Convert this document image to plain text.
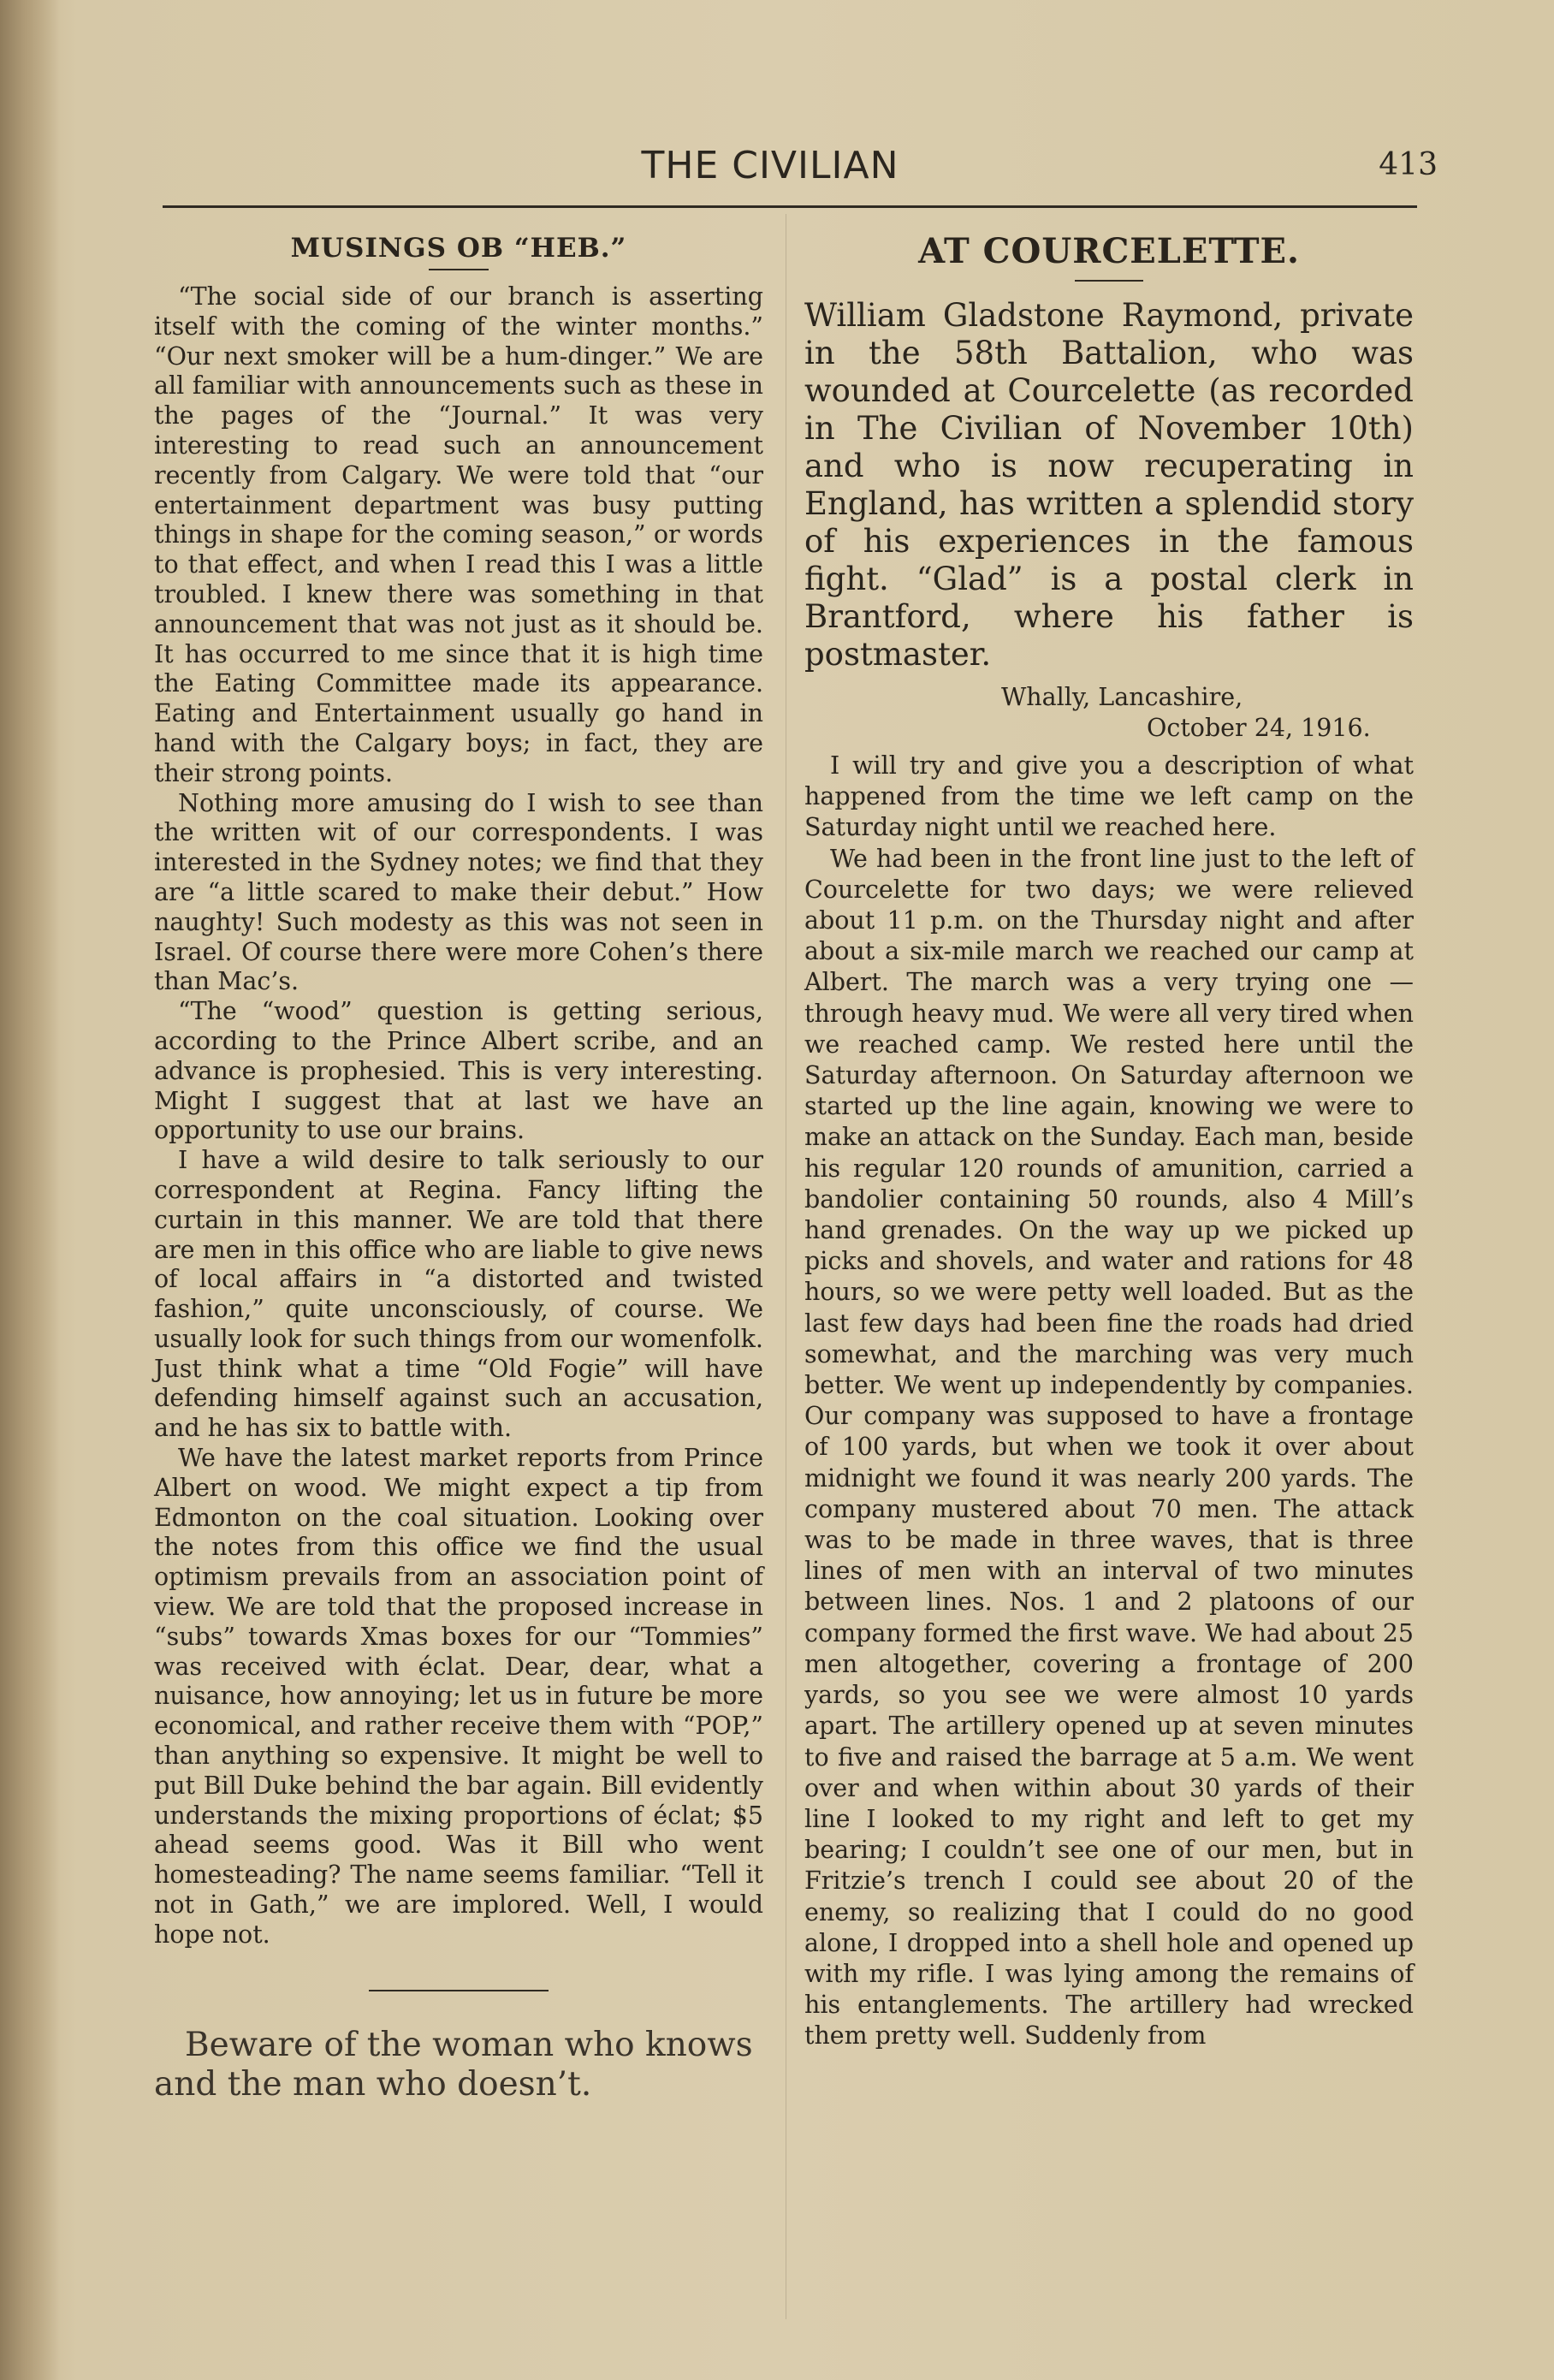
THE CIVILIAN	413
MUSINGS OB “HEB.”

“The social side of our branch is asserting itself with the coming of the winter months.” “Our next smoker will be a hum-dinger.” We are all familiar with announcements such as these in the pages of the “Journal.” It was very interesting to read such an announcement recently from Calgary. We were told that “our entertainment department was busy putting things in shape for the coming season,” or words to that effect, and when I read this I was a little troubled. I knew there was something in that announcement that was not just as it should be. It has occurred to me since that it is high time the Eating Committee made its appearance. Eating and Entertainment usually go hand in hand with the Calgary boys; in fact, they are their strong points.

Nothing more amusing do I wish to see than the written wit of our correspondents. I was interested in the Sydney notes; we find that they are “a little scared to make their debut.” How naughty! Such modesty as this was not seen in Israel. Of course there were more Cohen’s there than Mac’s.

“The “wood” question is getting serious, according to the Prince Albert scribe, and an advance is prophesied. This is very interesting. Might I suggest that at last we have an opportunity to use our brains.

I have a wild desire to talk seriously to our correspondent at Regina. Fancy lifting the curtain in this manner. We are told that there are men in this office who are liable to give news of local affairs in “a distorted and twisted fashion,” quite unconsciously, of course. We usually look for such things from our womenfolk. Just think what a time “Old Fogie” will have defending himself against such an accusation, and he has six to battle with.

We have the latest market reports from Prince Albert on wood. We might expect a tip from Edmonton on the coal situation. Looking over the notes from this office we find the usual optimism prevails from an association point of view. We are told that the proposed increase in “subs” towards Xmas boxes for our “Tommies” was received with éclat. Dear, dear, what a nuisance, how annoying; let us in future be more economical, and rather receive them with “POP,” than anything so expensive. It might be well to put Bill Duke behind the bar again. Bill evidently understands the mixing proportions of éclat; $5 ahead seems good. Was it Bill who went homesteading? The name seems familiar. “Tell it not in Gath,” we are implored. Well, I would hope not.

Beware of the woman who knows and the man who doesn’t.

AT COURCELETTE.

William Gladstone Raymond, private in the 58th Battalion, who was wounded at Courcelette (as recorded in The Civilian of November 10th) and who is now recuperating in England, has written a splendid story of his experiences in the famous fight. “Glad” is a postal clerk in Brantford, where his father is postmaster.

Whally, Lancashire,
October 24, 1916.

I will try and give you a description of what happened from the time we left camp on the Saturday night until we reached here.

We had been in the front line just to the left of Courcelette for two days; we were relieved about 11 p.m. on the Thursday night and after about a six-mile march we reached our camp at Albert. The march was a very trying one — through heavy mud. We were all very tired when we reached camp. We rested here until the Saturday afternoon. On Saturday afternoon we started up the line again, knowing we were to make an attack on the Sunday. Each man, beside his regular 120 rounds of amunition, carried a bandolier containing 50 rounds, also 4 Mill’s hand grenades. On the way up we picked up picks and shovels, and water and rations for 48 hours, so we were petty well loaded. But as the last few days had been fine the roads had dried somewhat, and the marching was very much better. We went up independently by companies. Our company was supposed to have a frontage of 100 yards, but when we took it over about midnight we found it was nearly 200 yards. The company mustered about 70 men. The attack was to be made in three waves, that is three lines of men with an interval of two minutes between lines. Nos. 1 and 2 platoons of our company formed the first wave. We had about 25 men altogether, covering a frontage of 200 yards, so you see we were almost 10 yards apart. The artillery opened up at seven minutes to five and raised the barrage at 5 a.m. We went over and when within about 30 yards of their line I looked to my right and left to get my bearing; I couldn’t see one of our men, but in Fritzie’s trench I could see about 20 of the enemy, so realizing that I could do no good alone, I dropped into a shell hole and opened up with my rifle. I was lying among the remains of his entanglements. The artillery had wrecked them pretty well. Suddenly from
